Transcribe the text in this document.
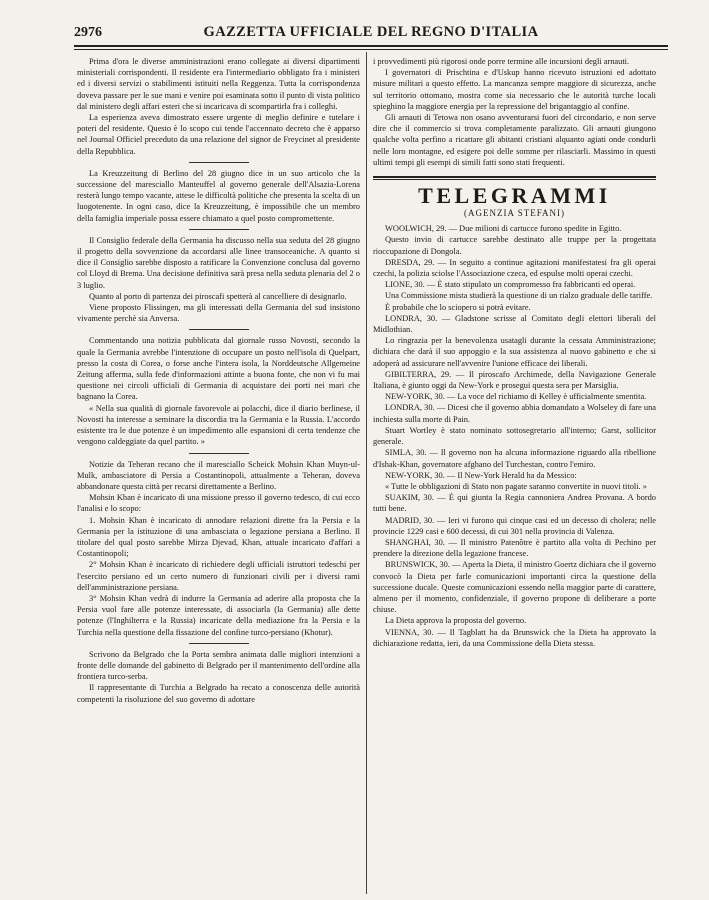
2976	GAZZETTA UFFICIALE DEL REGNO D'ITALIA

Prima d'ora le diverse amministrazioni erano collegate ai diversi dipartimenti ministeriali corrispondenti. Il residente era l'intermediario obbligato fra i ministeri ed i diversi servizi o stabilimenti istituiti nella Reggenza. Tutta la corrispondenza doveva passare per le sue mani e venire poi esaminata sotto il punto di vista politico dal ministero degli affari esteri che si incaricava di scompartirla fra i colleghi.

La esperienza aveva dimostrato essere urgente di meglio definire e tutelare i poteri del residente. Questo è lo scopo cui tende l'accennato decreto che è apparso nel Journal Officiel preceduto da una relazione del signor de Freycinet al presidente della Repubblica.

La Kreuzzeitung di Berlino del 28 giugno dice in un suo articolo che la successione del maresciallo Manteuffel al governo generale dell'Alsazia-Lorena resterà lungo tempo vacante, attese le difficoltà politiche che presenta la scelta di un luogotenente. In ogni caso, dice la Kreuzzeitung, è impossibile che un membro della famiglia imperiale possa essere chiamato a quel posto compromettente.

Il Consiglio federale della Germania ha discusso nella sua seduta del 28 giugno il progetto della sovvenzione da accordarsi alle linee transoceaniche. A quanto si dice il Consiglio sarebbe disposto a ratificare la Convenzione conclusa dal governo col Lloyd di Brema. Una decisione definitiva sarà presa nella seduta plenaria del 2 o 3 luglio.

Quanto al porto di partenza dei piroscafi spetterà al cancelliere di designarlo.

Viene proposto Flissingen, ma gli interessati della Germania del sud insistono vivamente perchè sia Anversa.

Commentando una notizia pubblicata dal giornale russo Novosti, secondo la quale la Germania avrebbe l'intenzione di occupare un posto nell'isola di Quelpart, presso la costa di Corea, o forse anche l'intera isola, la Norddeutsche Allgemeine Zeitung afferma, sulla fede d'informazioni attinte a buona fonte, che non vi fu mai questione nei circoli ufficiali di Germania di acquistare dei porti nei mari che bagnano la Corea.

« Nella sua qualità di giornale favorevole ai polacchi, dice il diario berlinese, il Novosti ha interesse a seminare la discordia tra la Germania e la Russia. L'accordo esistente tra le due potenze è un impedimento alle espansioni di certa tendenze che vengono caldeggiate da quel partito. »

Notizie da Teheran recano che il maresciallo Scheick Mohsin Khan Muyn-ul-Mulk, ambasciatore di Persia a Costantinopoli, attualmente a Teheran, doveva abbandonare questa città per recarsi direttamente a Berlino.

Mohsin Khan è incaricato di una missione presso il governo tedesco, di cui ecco l'analisi e lo scopo:

1. Mohsin Khan è incaricato di annodare relazioni dirette fra la Persia e la Germania per la istituzione di una ambasciata o legazione persiana a Berlino. Il titolare del qual posto sarebbe Mirza Djevad, Khan, attuale incaricato d'affari a Costantinopoli;

2° Mohsin Khan è incaricato di richiedere degli ufficiali istruttori tedeschi per l'esercito persiano ed un certo numero di funzionari civili per i diversi rami dell'amministrazione persiana.

3° Mohsin Khan vedrà di indurre la Germania ad aderire alla proposta che la Persia vuol fare alle potenze interessate, di associarla (la Germania) alle dette potenze (l'Inghilterra e la Russia) incaricate della mediazione fra la Persia e la Turchia nella questione della fissazione del confine turco-persiano (Khotur).

Scrivono da Belgrado che la Porta sembra animata dalle migliori intenzioni a fronte delle domande del gabinetto di Belgrado per il mantenimento dell'ordine alla frontiera turco-serba.

Il rappresentante di Turchia a Belgrado ha recato a conoscenza delle autorità competenti la risoluzione del suo governo di adottare

i provvedimenti più rigorosi onde porre termine alle incursioni degli arnauti.

I governatori di Prischtina e d'Uskup hanno ricevuto istruzioni ed adottato misure militari a questo effetto. La mancanza sempre maggiore di sicurezza, anche sul territorio ottomano, mostra come sia necessario che le autorità turche locali spieghino la maggiore energia per la repressione del brigantaggio al confine.

Gli arnauti di Tetowa non osano avventurarsi fuori del circondario, e non serve dire che il commercio si trova completamente paralizzato. Gli arnauti giungono qualche volta perfino a ricattare gli abitanti cristiani alquanto agiati onde condurli nelle loro montagne, ed esigere poi delle somme per rilasciarli. Massimo in questi ultimi tempi gli esempi di simili fatti sono stati frequenti.

TELEGRAMMI
(AGENZIA STEFANI)

WOOLWICH, 29. — Due milioni di cartucce furono spedite in Egitto.

Questo invio di cartucce sarebbe destinato alle truppe per la progettata rioccupazione di Dongola.

DRESDA, 29. — In seguito a continue agitazioni manifestatesi fra gli operai czechi, la polizia sciolse l'Associazione czeca, ed espulse molti operai czechi.

LIONE, 30. — È stato stipulato un compromesso fra fabbricanti ed operai.

Una Commissione mista studierà la questione di un rialzo graduale delle tariffe.

È probabile che lo sciopero si potrà evitare.

LONDRA, 30. — Gladstone scrisse al Comitato degli elettori liberali del Midlothian.

Lo ringrazia per la benevolenza usatagli durante la cessata Amministrazione; dichiara che darà il suo appoggio e la sua assistenza al nuovo gabinetto e che si adoperà ad assicurare nell'avvenire l'unione efficace dei liberali.

GIBILTERRA, 29. — Il piroscafo Archimede, della Navigazione Generale Italiana, è giunto oggi da New-York e prosegui questa sera per Marsiglia.

NEW-YORK, 30. — La voce del richiamo di Kelley è ufficialmente smentita.

LONDRA, 30. — Dicesi che il governo abbia domandato a Wolseley di fare una inchiesta sulla morte di Pain.

Stuart Wortley è stato nominato sottosegretario all'interno; Garst, sollicitor generale.

SIMLA, 30. — Il governo non ha alcuna informazione riguardo alla ribellione d'Ishak-Khan, governatore afghano del Turchestan, contro l'emiro.

NEW-YORK, 30. — Il New-York Herald ha da Messico:

« Tutte le obbligazioni di Stato non pagate saranno convertite in nuovi titoli. »

SUAKIM, 30. — È qui giunta la Regia cannoniera Andrea Provana. A bordo tutti bene.

MADRID, 30. — Ieri vi furono qui cinque casi ed un decesso di cholera; nelle provincie 1229 casi e 600 decessi, di cui 301 nella provincia di Valenza.

SHANGHAI, 30. — Il ministro Patenôtre è partito alla volta di Pechino per prendere la direzione della legazione francese.

BRUNSWICK, 30. — Aperta la Dieta, il ministro Goertz dichiara che il governo convocò la Dieta per farle comunicazioni importanti circa la questione della successione ducale. Queste comunicazioni essendo nella maggior parte di carattere, almeno per il momento, confidenziale, il governo propone di deliberare a porte chiuse.

La Dieta approva la proposta del governo.

VIENNA, 30. — Il Tagblatt ha da Brunswick che la Dieta ha approvato la dichiarazione redatta, ieri, da una Commissione della Dieta stessa.
